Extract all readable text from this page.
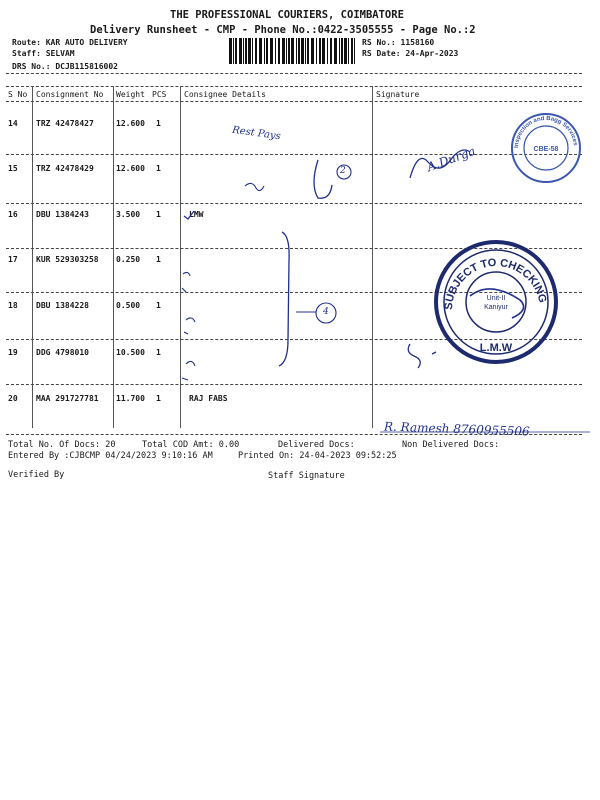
THE PROFESSIONAL COURIERS, COIMBATORE
Delivery Runsheet - CMP - Phone No.:0422-3505555 - Page No.:2
Route: KAR AUTO DELIVERY
Staff: SELVAM
DRS No.: DCJB115816002
RS No.: 1158160
RS Date: 24-Apr-2023
S No Consignment No Weight PCS Consignee Details	Signature
14 TRZ 42478427	12.600 1
15 TRZ 42478429	12.600 1
16 DBU 1384243	3.500 1	LMW
17 KUR 529303258 0.250 1
18 DBU 1384228	0.500 1
19 DDG 4798010	10.500 1
20 MAA 291727781 11.700 1	RAJ FABS
Inspection and Bagg Services
CBE-58
SUBJECT TO CHECKING
L.M.W
Unit-II
Kaniyur
Rest Pays
2
4
A.Durga
R. Ramesh 8760955506
Total No. Of Docs: 20	Total COD Amt: 0.00	Delivered Docs:	Non Delivered Docs:
Entered By :CJBCMP 04/24/2023 9:10:16 AM	Printed On: 24-04-2023 09:52:25
Verified By	Staff Signature
